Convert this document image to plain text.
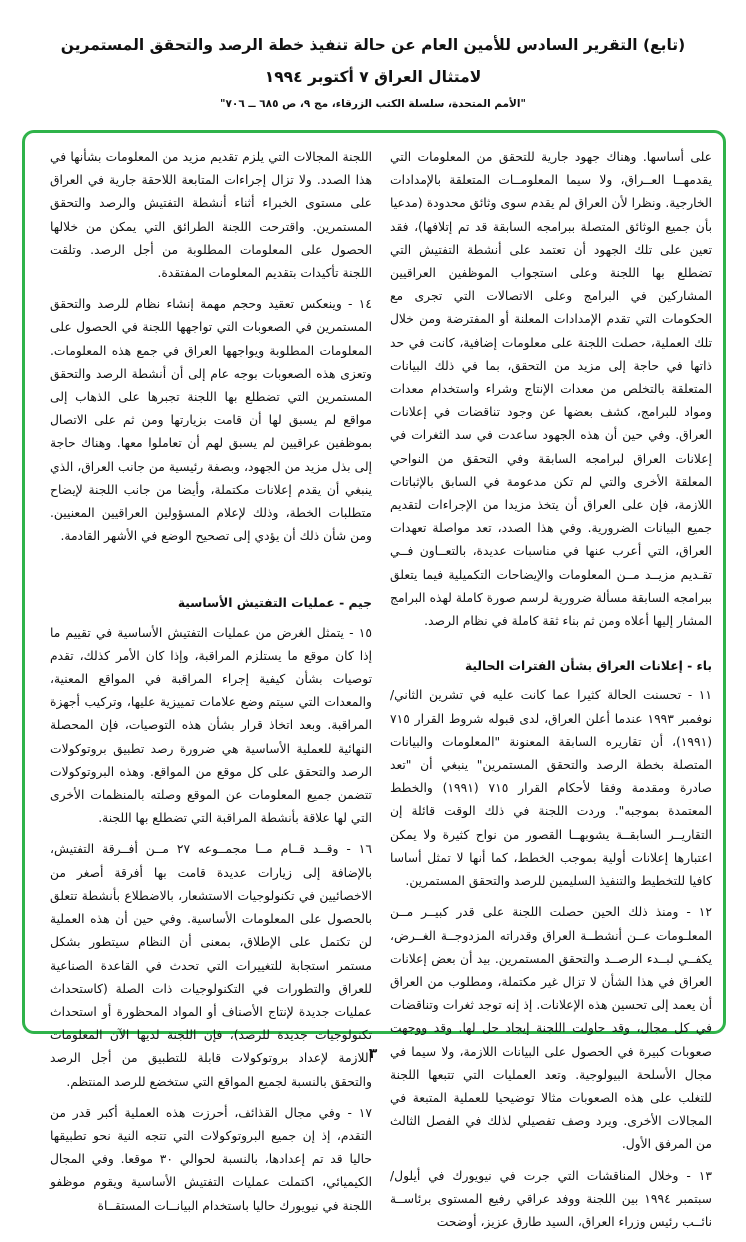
(تابع) التقرير السادس للأمين العام عن حالة تنفيذ خطة الرصد والتحقق المستمرين
لامتثال العراق ٧ أكتوبر ١٩٩٤
"الأمم المتحدة، سلسلة الكتب الزرقاء، مج ٩، ص ٦٨٥ ــ ٧٠٦"

على أساسها. وهناك جهود جارية للتحقق من المعلومات التي يقدمهــا العــراق، ولا سيما المعلومــات المتعلقة بالإمدادات الخارجية. ونظرا لأن العراق لم يقدم سوى وثائق محدودة (مدعيا بأن جميع الوثائق المتصلة ببرامجه السابقة قد تم إتلافها)، فقد تعين على تلك الجهود أن تعتمد على أنشطة التفتيش التي تضطلع بها اللجنة وعلى استجواب الموظفين العراقيين المشاركين في البرامج وعلى الاتصالات التي تجرى مع الحكومات التي تقدم الإمدادات المعلنة أو المفترضة ومن خلال تلك العملية، حصلت اللجنة على معلومات إضافية، كانت في حد ذاتها في حاجة إلى مزيد من التحقق، بما في ذلك البيانات المتعلقة بالتخلص من معدات الإنتاج وشراء واستخدام معدات ومواد للبرامج، كشف بعضها عن وجود تناقضات في إعلانات العراق. وفي حين أن هذه الجهود ساعدت في سد الثغرات في إعلانات العراق لبرامجه السابقة وفي التحقق من النواحي المعلقة الأخرى والتي لم تكن مدعومة في السابق بالإثباتات اللازمة، فإن على العراق أن يتخذ مزيدا من الإجراءات لتقديم جميع البيانات الضرورية. وفي هذا الصدد، تعد مواصلة تعهدات العراق، التي أعرب عنها في مناسبات عديدة، بالتعــاون فــي تقـديم مزيــد مــن المعلومات والإيضاحات التكميلية فيما يتعلق ببرامجه السابقة مسألة ضرورية لرسم صورة كاملة لهذه البرامج المشار إليها أعلاه ومن ثم بناء ثقة كاملة في نظام الرصد.

باء - إعلانات العراق بشأن الفترات الحالية

١١ - تحسنت الحالة كثيرا عما كانت عليه في تشرين الثاني/ نوفمبر ١٩٩٣ عندما أعلن العراق، لدى قبوله شروط القرار ٧١٥ (١٩٩١)، أن تقاريره السابقة المعنونة "المعلومات والبيانات المتصلة بخطة الرصد والتحقق المستمرين" ينبغي أن "تعد صادرة ومقدمة وفقا لأحكام القرار ٧١٥ (١٩٩١) والخطط المعتمدة بموجبه". وردت اللجنة في ذلك الوقت قائلة إن التقاريــر السابقــة يشوبهــا القصور من نواح كثيرة ولا يمكن اعتبارها إعلانات أولية بموجب الخطط، كما أنها لا تمثل أساسا كافيا للتخطيط والتنفيذ السليمين للرصد والتحقق المستمرين.

١٢ - ومنذ ذلك الحين حصلت اللجنة على قدر كبيــر مــن المعلـومات عــن أنشطــة العراق وقدراته المزدوجــة الغــرض، يكفــي لبــدء الرصــد والتحقق المستمرين. بيد أن بعض إعلانات العراق في هذا الشأن لا تزال غير مكتملة، ومطلوب من العراق أن يعمد إلى تحسين هذه الإعلانات. إذ إنه توجد ثغرات وتناقضات في كل مجال، وقد حاولت اللجنة إيجاد حل لها. وقد ووجهت صعوبات كبيرة في الحصول على البيانات اللازمة، ولا سيما في مجال الأسلحة البيولوجية. وتعد العمليات التي تتبعها اللجنة للتغلب على هذه الصعوبات مثالا توضيحيا للعملية المتبعة في المجالات الأخرى. ويرد وصف تفصيلي لذلك في الفصل الثالث من المرفق الأول.

١٣ - وخلال المناقشات التي جرت في نيويورك في أيلول/ سبتمبر ١٩٩٤ بين اللجنة ووفد عراقي رفيع المستوى برئاســة نائــب رئيس وزراء العراق، السيد طارق عزيز، أوضحت

اللجنة المجالات التي يلزم تقديم مزيد من المعلومات بشأنها في هذا الصدد. ولا تزال إجراءات المتابعة اللاحقة جارية في العراق على مستوى الخبراء أثناء أنشطة التفتيش والرصد والتحقق المستمرين. واقترحت اللجنة الطرائق التي يمكن من خلالها الحصول على المعلومات المطلوبة من أجل الرصد. وتلقت اللجنة تأكيدات بتقديم المعلومات المفتقدة.

١٤ - وينعكس تعقيد وحجم مهمة إنشاء نظام للرصد والتحقق المستمرين في الصعوبات التي تواجهها اللجنة في الحصول على المعلومات المطلوبة ويواجهها العراق في جمع هذه المعلومات. وتعزى هذه الصعوبات بوجه عام إلى أن أنشطة الرصد والتحقق المستمرين التي تضطلع بها اللجنة تجبرها على الذهاب إلى مواقع لم يسبق لها أن قامت بزيارتها ومن ثم على الاتصال بموظفين عراقيين لم يسبق لهم أن تعاملوا معها. وهناك حاجة إلى بذل مزيد من الجهود، وبصفة رئيسية من جانب العراق، الذي ينبغي أن يقدم إعلانات مكتملة، وأيضا من جانب اللجنة لإيضاح متطلبات الخطة، وذلك لإعلام المسؤولين العراقيين المعنيين. ومن شأن ذلك أن يؤدي إلى تصحيح الوضع في الأشهر القادمة.

جيم - عمليات التفتيش الأساسية

١٥ - يتمثل الغرض من عمليات التفتيش الأساسية في تقييم ما إذا كان موقع ما يستلزم المراقبة، وإذا كان الأمر كذلك، تقدم توصيات بشأن كيفية إجراء المراقبة في المواقع المعنية، والمعدات التي سيتم وضع علامات تمييزية عليها، وتركيب أجهزة المراقبة. وبعد اتخاذ قرار بشأن هذه التوصيات، فإن المحصلة النهائية للعملية الأساسية هي ضرورة رصد تطبيق بروتوكولات الرصد والتحقق على كل موقع من المواقع. وهذه البروتوكولات تتضمن جميع المعلومات عن الموقع وصلته بالمنظمات الأخرى التي لها علاقة بأنشطة المراقبة التي تضطلع بها اللجنة.

١٦ - وقــد قــام مــا مجمــوعه ٢٧ مــن أفــرقة التفتيش، بالإضافة إلى زيارات عديدة قامت بها أفرقة أصغر من الاخصائيين في تكنولوجيات الاستشعار، بالاضطلاع بأنشطة تتعلق بالحصول على المعلومات الأساسية. وفي حين أن هذه العملية لن تكتمل على الإطلاق، بمعنى أن النظام سيتطور بشكل مستمر استجابة للتغييرات التي تحدث في القاعدة الصناعية للعراق والتطورات في التكنولوجيات ذات الصلة (كاستحداث عمليات جديدة لإنتاج الأصناف أو المواد المحظورة أو استحداث تكنولوجيات جديدة للرصد)، فإن اللجنة لديها الآن المعلومات اللازمة لإعداد بروتوكولات قابلة للتطبيق من أجل الرصد والتحقق بالنسبة لجميع المواقع التي ستخضع للرصد المنتظم.

١٧ - وفي مجال القذائف، أحرزت هذه العملية أكبر قدر من التقدم، إذ إن جميع البروتوكولات التي تتجه النية نحو تطبيقها حاليا قد تم إعدادها، بالنسبة لحوالي ٣٠ موقعا. وفي المجال الكيميائي، اكتملت عمليات التفتيش الأساسية ويقوم موظفو اللجنة في نيويورك حاليا باستخدام البيانــات المستقــاة

٣
